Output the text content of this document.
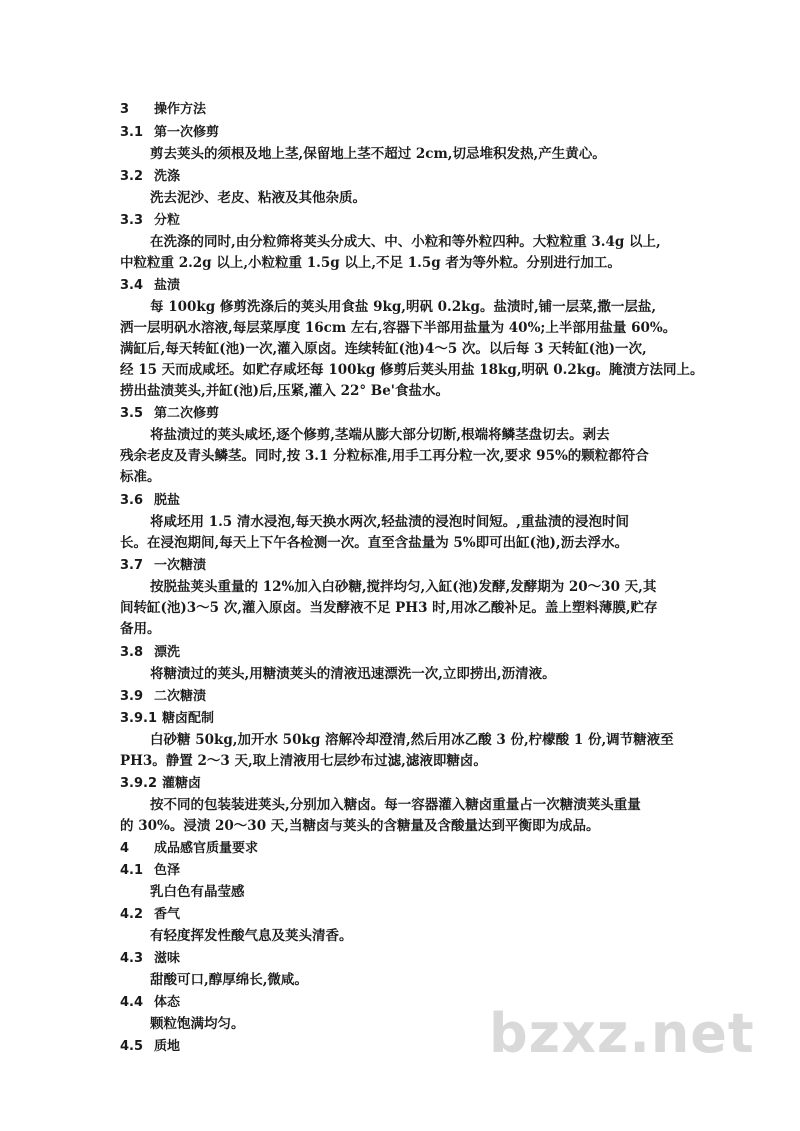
3 操作方法
3.1 第一次修剪
剪去荚头的须根及地上茎,保留地上茎不超过 2cm,切忌堆积发热,产生黄心。
3.2 洗涤
洗去泥沙、老皮、粘液及其他杂质。
3.3 分粒
在洗涤的同时,由分粒筛将荚头分成大、中、小粒和等外粒四种。大粒粒重 3.4g 以上,
中粒粒重 2.2g 以上,小粒粒重 1.5g 以上,不足 1.5g 者为等外粒。分别进行加工。
3.4 盐渍
每 100kg 修剪洗涤后的荚头用食盐 9kg,明矾 0.2kg。盐渍时,铺一层菜,撒一层盐,
洒一层明矾水溶液,每层菜厚度 16cm 左右,容器下半部用盐量为 40%;上半部用盐量 60%。
满缸后,每天转缸(池)一次,灌入原卤。连续转缸(池)4～5 次。以后每 3 天转缸(池)一次,
经 15 天而成咸坯。如贮存咸坯每 100kg 修剪后荚头用盐 18kg,明矾 0.2kg。腌渍方法同上。
捞出盐渍荚头,并缸(池)后,压紧,灌入 22° Be'食盐水。
3.5 第二次修剪
将盐渍过的荚头咸坯,逐个修剪,茎端从膨大部分切断,根端将鳞茎盘切去。剥去
残余老皮及青头鳞茎。同时,按 3.1 分粒标准,用手工再分粒一次,要求 95%的颗粒都符合
标准。
3.6 脱盐
将咸坯用 1.5 清水浸泡,每天换水两次,轻盐渍的浸泡时间短。,重盐渍的浸泡时间
长。在浸泡期间,每天上下午各检测一次。直至含盐量为 5%即可出缸(池),沥去浮水。
3.7 一次糖渍
按脱盐荚头重量的 12%加入白砂糖,搅拌均匀,入缸(池)发酵,发酵期为 20～30 天,其
间转缸(池)3～5 次,灌入原卤。当发酵液不足 PH3 时,用冰乙酸补足。盖上塑料薄膜,贮存
备用。
3.8 漂洗
将糖渍过的荚头,用糖渍荚头的清液迅速漂洗一次,立即捞出,沥清液。
3.9 二次糖渍
3.9.1 糖卤配制
白砂糖 50kg,加开水 50kg 溶解冷却澄清,然后用冰乙酸 3 份,柠檬酸 1 份,调节糖液至
PH3。静置 2～3 天,取上清液用七层纱布过滤,滤液即糖卤。
3.9.2 灌糖卤
按不同的包装装进荚头,分别加入糖卤。每一容器灌入糖卤重量占一次糖渍荚头重量
的 30%。浸渍 20～30 天,当糖卤与荚头的含糖量及含酸量达到平衡即为成品。
4 成品感官质量要求
4.1 色泽
乳白色有晶莹感
4.2 香气
有轻度挥发性酸气息及荚头清香。
4.3 滋味
甜酸可口,醇厚绵长,微咸。
4.4 体态
颗粒饱满均匀。
4.5 质地	bzxz.net
